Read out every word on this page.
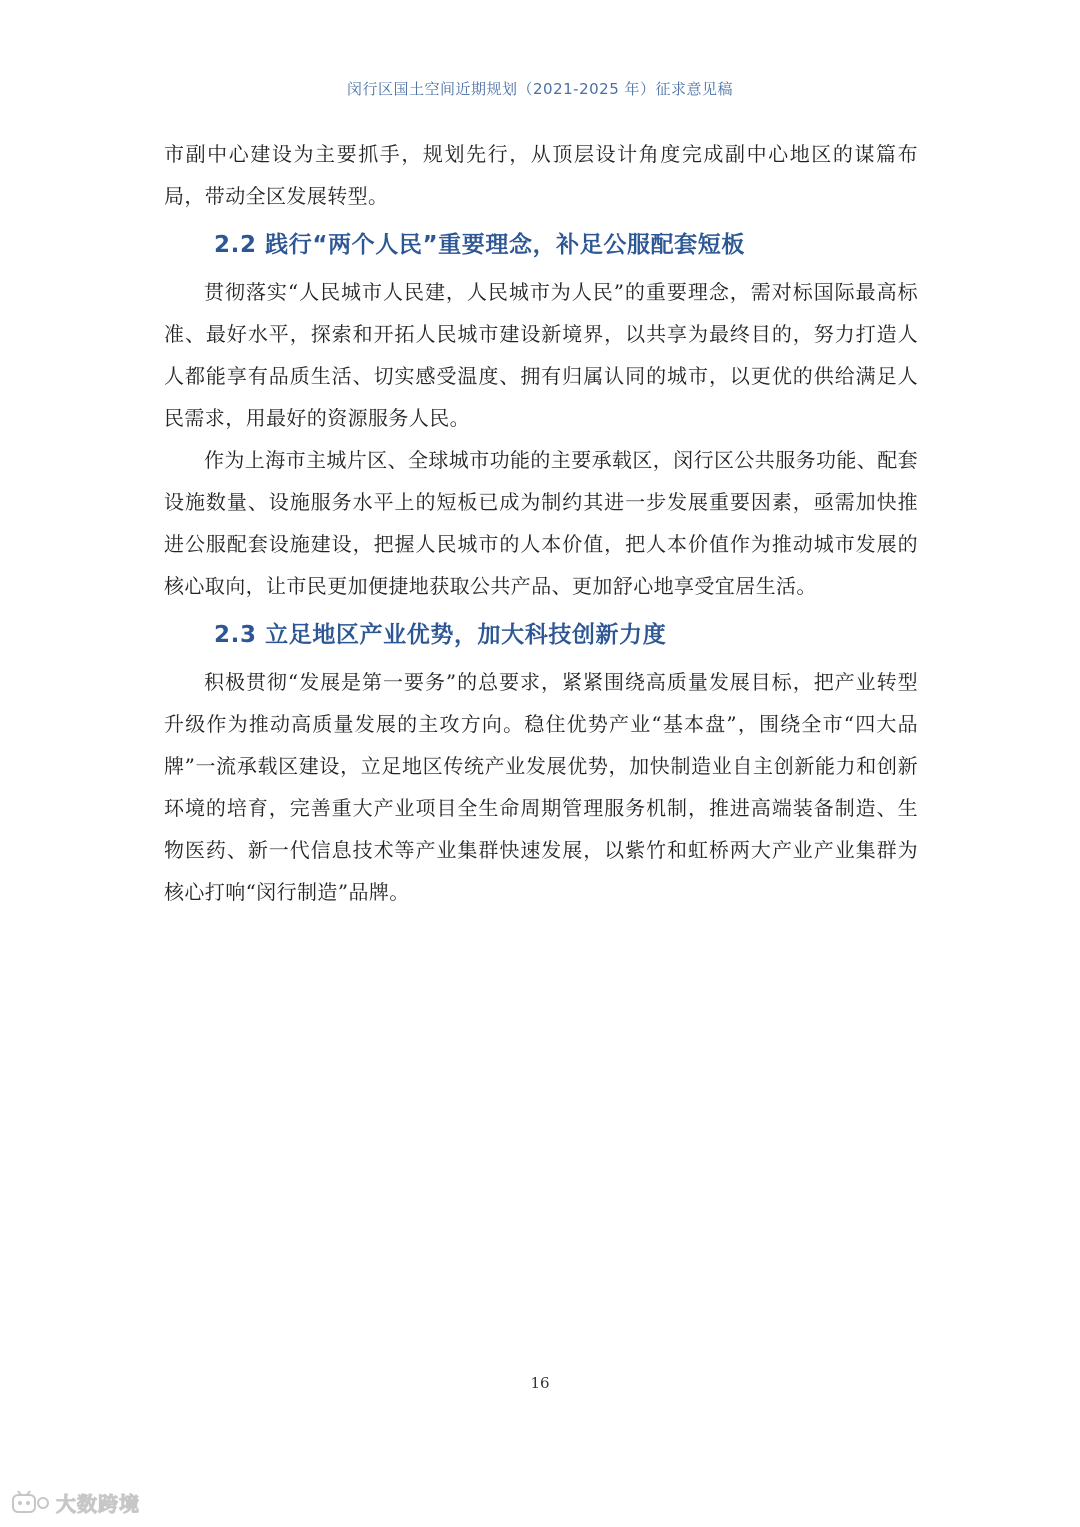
闵行区国土空间近期规划（2021-2025 年）征求意见稿

市副中心建设为主要抓手，规划先行，从顶层设计角度完成副中心地区的谋篇布局，带动全区发展转型。

2.2 践行“两个人民”重要理念，补足公服配套短板

贯彻落实“人民城市人民建，人民城市为人民”的重要理念，需对标国际最高标准、最好水平，探索和开拓人民城市建设新境界，以共享为最终目的，努力打造人人都能享有品质生活、切实感受温度、拥有归属认同的城市，以更优的供给满足人民需求，用最好的资源服务人民。

作为上海市主城片区、全球城市功能的主要承载区，闵行区公共服务功能、配套设施数量、设施服务水平上的短板已成为制约其进一步发展重要因素，亟需加快推进公服配套设施建设，把握人民城市的人本价值，把人本价值作为推动城市发展的核心取向，让市民更加便捷地获取公共产品、更加舒心地享受宜居生活。

2.3 立足地区产业优势，加大科技创新力度

积极贯彻“发展是第一要务”的总要求，紧紧围绕高质量发展目标，把产业转型升级作为推动高质量发展的主攻方向。稳住优势产业“基本盘”，围绕全市“四大品牌”一流承载区建设，立足地区传统产业发展优势，加快制造业自主创新能力和创新环境的培育，完善重大产业项目全生命周期管理服务机制，推进高端装备制造、生物医药、新一代信息技术等产业集群快速发展，以紫竹和虹桥两大产业产业集群为核心打响“闵行制造”品牌。

16
大数跨境
